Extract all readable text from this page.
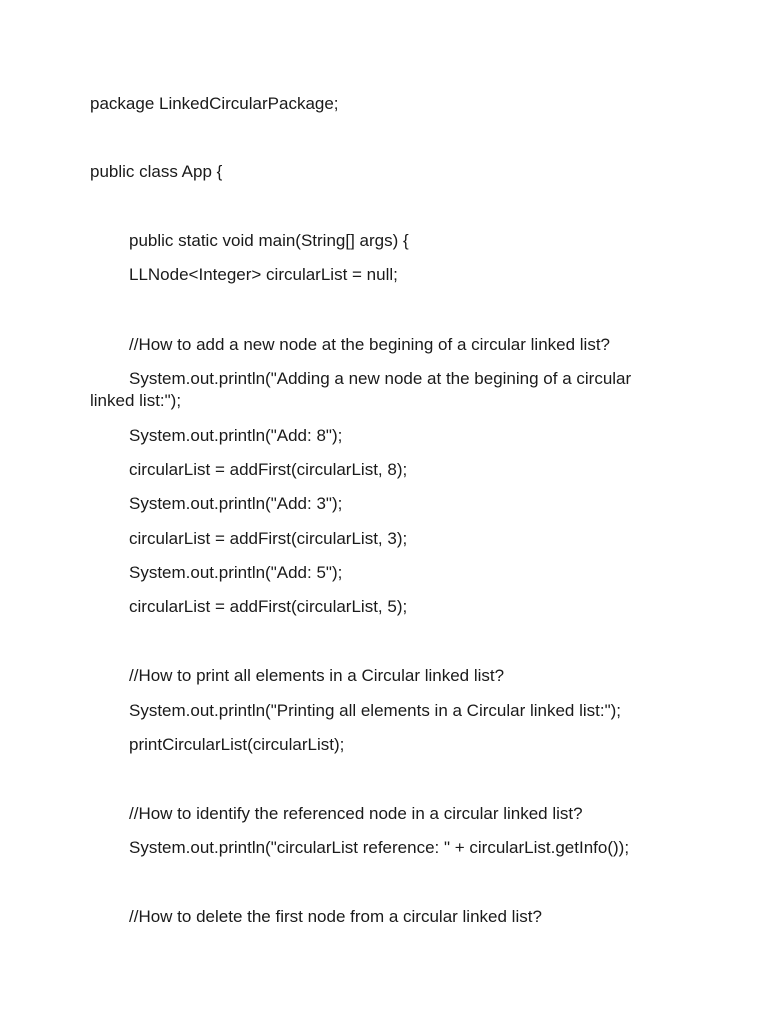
package LinkedCircularPackage;

public class App {

public static void main(String[] args) {

LLNode<Integer> circularList = null;

//How to add a new node at the begining of a circular linked list?

System.out.println("Adding a new node at the begining of a circular linked list:");

System.out.println("Add: 8");

circularList = addFirst(circularList, 8);

System.out.println("Add: 3");

circularList = addFirst(circularList, 3);

System.out.println("Add: 5");

circularList = addFirst(circularList, 5);

//How to print all elements in a Circular linked list?

System.out.println("Printing all elements in a Circular linked list:");

printCircularList(circularList);

//How to identify the referenced node in a circular linked list?

System.out.println("circularList reference: " + circularList.getInfo());

//How to delete the first node from a circular linked list?
